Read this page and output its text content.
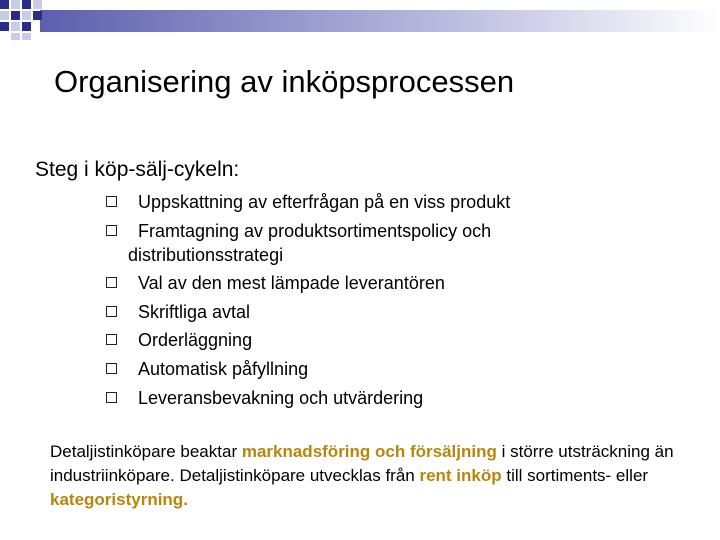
Organisering av inköpsprocessen
Steg i köp-sälj-cykeln:
Uppskattning av efterfrågan på en viss produkt
Framtagning av produktsortimentspolicy och
distributionsstrategi
Val av den mest lämpade leverantören
Skriftliga avtal
Orderläggning
Automatisk påfyllning
Leveransbevakning och utvärdering
Detaljistinköpare beaktar marknadsföring och försäljning i större utsträckning än industriinköpare. Detaljistinköpare utvecklas från rent inköp till sortiments- eller kategoristyrning.
